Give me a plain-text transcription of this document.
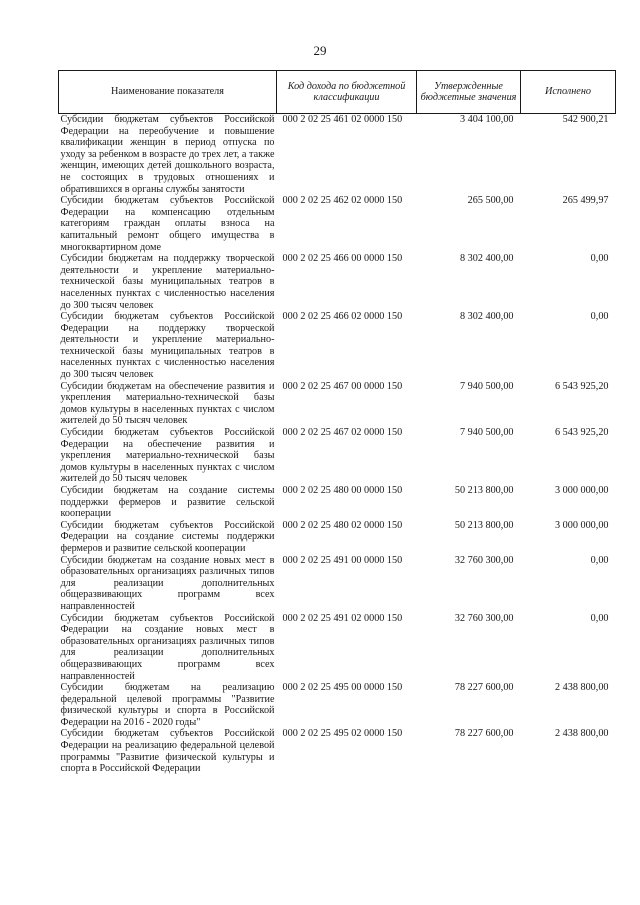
29
Наименование показателя	Код дохода по бюджетной классификации	Утвержденные бюджетные значения	Исполнено
Субсидии бюджетам субъектов Российской Федерации на переобучение и повышение квалификации женщин в период отпуска по уходу за ребенком в возрасте до трех лет, а также женщин, имеющих детей дошкольного возраста, не состоящих в трудовых отношениях и обратившихся в органы службы занятости	000 2 02 25 461 02 0000 150	3 404 100,00	542 900,21
Субсидии бюджетам субъектов Российской Федерации на компенсацию отдельным категориям граждан оплаты взноса на капитальный ремонт общего имущества в многоквартирном доме	000 2 02 25 462 02 0000 150	265 500,00	265 499,97
Субсидии бюджетам на поддержку творческой деятельности и укрепление материально-технической базы муниципальных театров в населенных пунктах с численностью населения до 300 тысяч человек	000 2 02 25 466 00 0000 150	8 302 400,00	0,00
Субсидии бюджетам субъектов Российской Федерации на поддержку творческой деятельности и укрепление материально-технической базы муниципальных театров в населенных пунктах с численностью населения до 300 тысяч человек	000 2 02 25 466 02 0000 150	8 302 400,00	0,00
Субсидии бюджетам на обеспечение развития и укрепления материально-технической базы домов культуры в населенных пунктах с числом жителей до 50 тысяч человек	000 2 02 25 467 00 0000 150	7 940 500,00	6 543 925,20
Субсидии бюджетам субъектов Российской Федерации на обеспечение развития и укрепления материально-технической базы домов культуры в населенных пунктах с числом жителей до 50 тысяч человек	000 2 02 25 467 02 0000 150	7 940 500,00	6 543 925,20
Субсидии бюджетам на создание системы поддержки фермеров и развитие сельской кооперации	000 2 02 25 480 00 0000 150	50 213 800,00	3 000 000,00
Субсидии бюджетам субъектов Российской Федерации на создание системы поддержки фермеров и развитие сельской кооперации	000 2 02 25 480 02 0000 150	50 213 800,00	3 000 000,00
Субсидии бюджетам на создание новых мест в образовательных организациях различных типов для реализации дополнительных общеразвивающих программ всех направленностей	000 2 02 25 491 00 0000 150	32 760 300,00	0,00
Субсидии бюджетам субъектов Российской Федерации на создание новых мест в образовательных организациях различных типов для реализации дополнительных общеразвивающих программ всех направленностей	000 2 02 25 491 02 0000 150	32 760 300,00	0,00
Субсидии бюджетам на реализацию федеральной целевой программы "Развитие физической культуры и спорта в Российской Федерации на 2016 - 2020 годы"	000 2 02 25 495 00 0000 150	78 227 600,00	2 438 800,00
Субсидии бюджетам субъектов Российской Федерации на реализацию федеральной целевой программы "Развитие физической культуры и спорта в Российской Федерации	000 2 02 25 495 02 0000 150	78 227 600,00	2 438 800,00
